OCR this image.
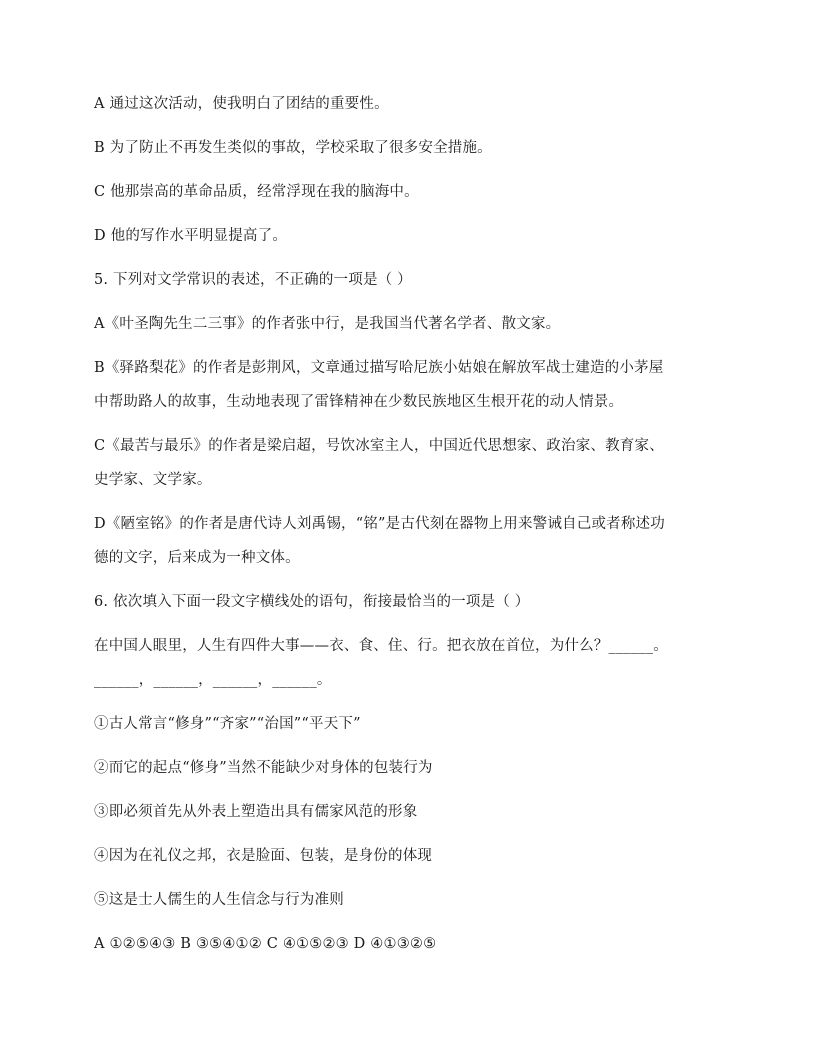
A 通过这次活动，使我明白了团结的重要性。
B 为了防止不再发生类似的事故，学校采取了很多安全措施。
C 他那崇高的革命品质，经常浮现在我的脑海中。
D 他的写作水平明显提高了。
5. 下列对文学常识的表述，不正确的一项是（ ）
A《叶圣陶先生二三事》的作者张中行，是我国当代著名学者、散文家。
B《驿路梨花》的作者是彭荆风，文章通过描写哈尼族小姑娘在解放军战士建造的小茅屋
中帮助路人的故事，生动地表现了雷锋精神在少数民族地区生根开花的动人情景。
C《最苦与最乐》的作者是梁启超，号饮冰室主人，中国近代思想家、政治家、教育家、
史学家、文学家。
D《陋室铭》的作者是唐代诗人刘禹锡，“铭”是古代刻在器物上用来警诫自己或者称述功
德的文字，后来成为一种文体。
6. 依次填入下面一段文字横线处的语句，衔接最恰当的一项是（ ）
在中国人眼里，人生有四件大事——衣、食、住、行。把衣放在首位，为什么？______。
______，______，______，______。
①古人常言“修身”“齐家”“治国”“平天下”
②而它的起点“修身”当然不能缺少对身体的包装行为
③即必须首先从外表上塑造出具有儒家风范的形象
④因为在礼仪之邦，衣是脸面、包装，是身份的体现
⑤这是士人儒生的人生信念与行为准则
A ①②⑤④③ B ③⑤④①② C ④①⑤②③ D ④①③②⑤
